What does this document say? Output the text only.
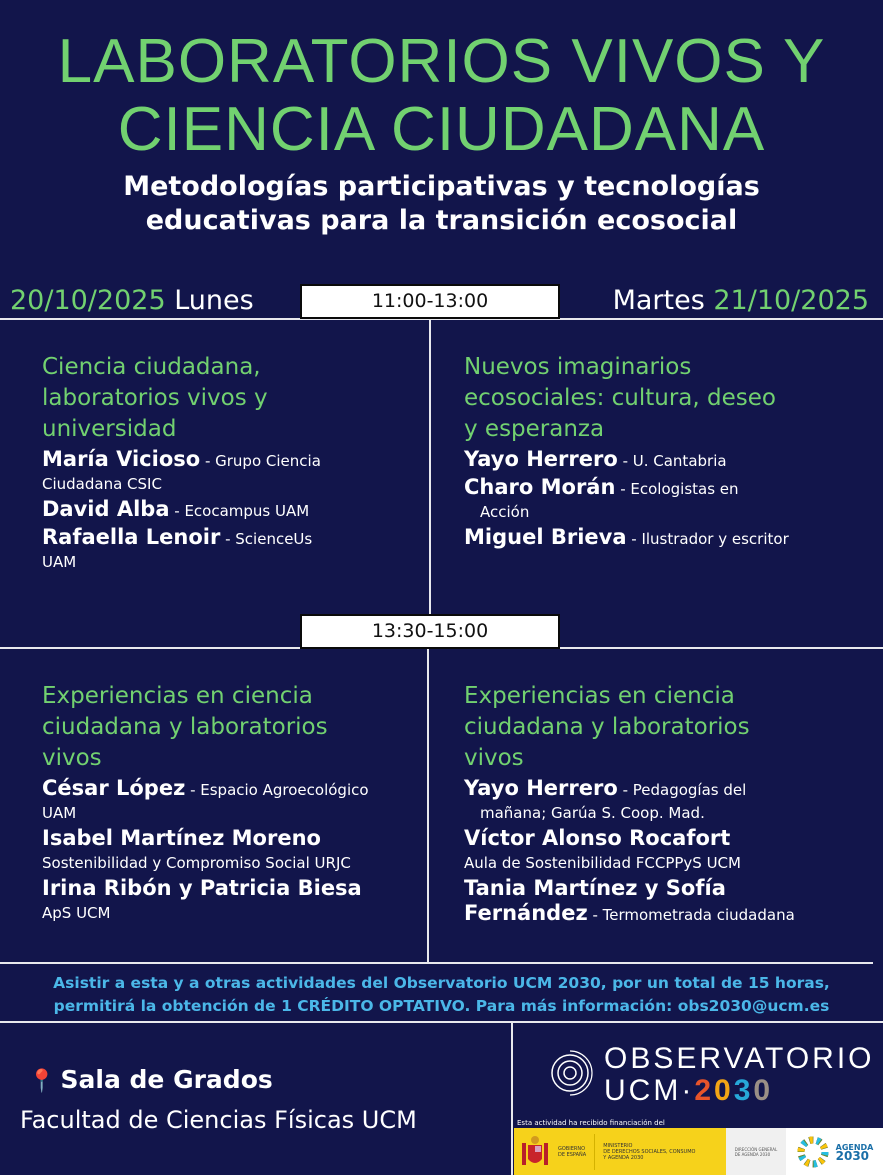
LABORATORIOS VIVOS Y
CIENCIA CIUDADANA
Metodologías participativas y tecnologías
educativas para la transición ecosocial
20/10/2025 Lunes	Martes 21/10/2025
11:00-13:00
Ciencia ciudadana,
laboratorios vivos y
universidad
María Vicioso - Grupo Ciencia
Ciudadana CSIC
David Alba - Ecocampus UAM
Rafaella Lenoir - ScienceUs
UAM
Nuevos imaginarios
ecosociales: cultura, deseo
y esperanza
Yayo Herrero - U. Cantabria
Charo Morán - Ecologistas en
Acción
Miguel Brieva - Ilustrador y escritor
13:30-15:00
Experiencias en ciencia
ciudadana y laboratorios
vivos
César López - Espacio Agroecológico
UAM
Isabel Martínez Moreno
Sostenibilidad y Compromiso Social URJC
Irina Ribón y Patricia Biesa
ApS UCM
Experiencias en ciencia
ciudadana y laboratorios
vivos
Yayo Herrero - Pedagogías del
mañana; Garúa S. Coop. Mad.
Víctor Alonso Rocafort
Aula de Sostenibilidad FCCPPyS UCM
Tania Martínez y Sofía
Fernández - Termometrada ciudadana
Asistir a esta y a otras actividades del Observatorio UCM 2030, por un total de 15 horas,
permitirá la obtención de 1 CRÉDITO OPTATIVO. Para más información: obs2030@ucm.es
📍 Sala de Grados
Facultad de Ciencias Físicas UCM
OBSERVATORIO
UCM·2030
Esta actividad ha recibido financiación del
GOBIERNO
DE ESPAÑA
MINISTERIO
DE DERECHOS SOCIALES, CONSUMO
Y AGENDA 2030
DIRECCIÓN GENERAL
DE AGENDA 2030
AGENDA
2030
